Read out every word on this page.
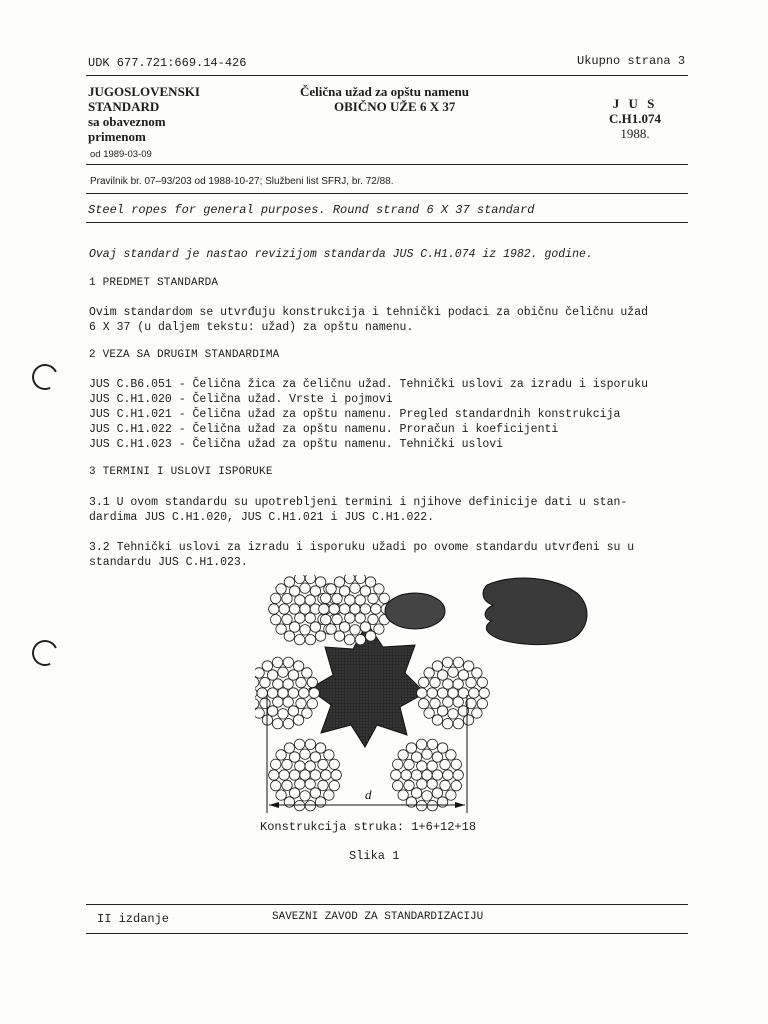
UDK 677.721:669.14-426	Ukupno strana 3
JUGOSLOVENSKI
STANDARD
sa obaveznom
primenom
od 1989-03-09
Čelična užad za opštu namenu
OBIČNO UŽE 6 X 37	J U S
C.H1.074
1988.
Pravilnik br. 07–93/203 od 1988-10-27; Službeni list SFRJ, br. 72/88.
Steel ropes for general purposes. Round strand 6 X 37 standard
Ovaj standard je nastao revizijom standarda JUS C.H1.074 iz 1982. godine.
1 PREDMET STANDARDA
Ovim standardom se utvrđuju konstrukcija i tehnički podaci za običnu čeličnu užad
6 X 37 (u daljem tekstu: užad) za opštu namenu.
2 VEZA SA DRUGIM STANDARDIMA
JUS C.B6.051 - Čelična žica za čeličnu užad. Tehnički uslovi za izradu i isporuku
JUS C.H1.020 - Čelična užad. Vrste i pojmovi
JUS C.H1.021 - Čelična užad za opštu namenu. Pregled standardnih konstrukcija
JUS C.H1.022 - Čelična užad za opštu namenu. Proračun i koeficijenti
JUS C.H1.023 - Čelična užad za opštu namenu. Tehnički uslovi
3 TERMINI I USLOVI ISPORUKE
3.1 U ovom standardu su upotrebljeni termini i njihove definicije dati u stan-
dardima JUS C.H1.020, JUS C.H1.021 i JUS C.H1.022.
3.2 Tehnički uslovi za izradu i isporuku užadi po ovome standardu utvrđeni su u
standardu JUS C.H1.023.
d
Konstrukcija struka: 1+6+12+18
Slika 1
II izdanje	SAVEZNI ZAVOD ZA STANDARDIZACIJU
